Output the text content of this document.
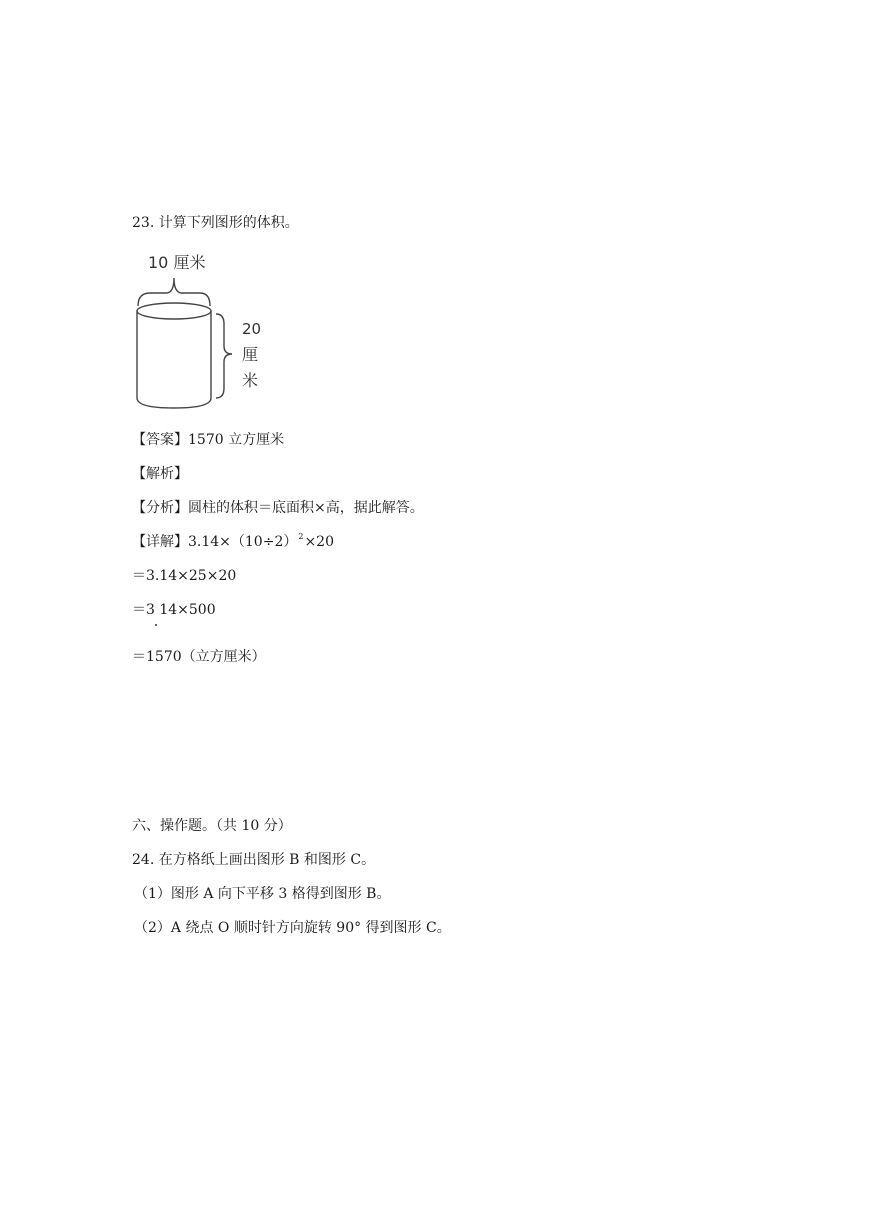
23. 计算下列图形的体积。
10 厘米
20
厘
米
【答案】1570 立方厘米
【解析】
【分析】圆柱的体积＝底面积×高，据此解答。
【详解】$3.14\times(10\div 2)^2\times 20$
＝3.14×25×20
＝3 14×500
＝1570（立方厘米）
六、操作题。（共 10 分）
24. 在方格纸上画出图形 B 和图形 C。
（1）图形 A 向下平移 3 格得到图形 B。
（2）A 绕点 O 顺时针方向旋转 90° 得到图形 C。
